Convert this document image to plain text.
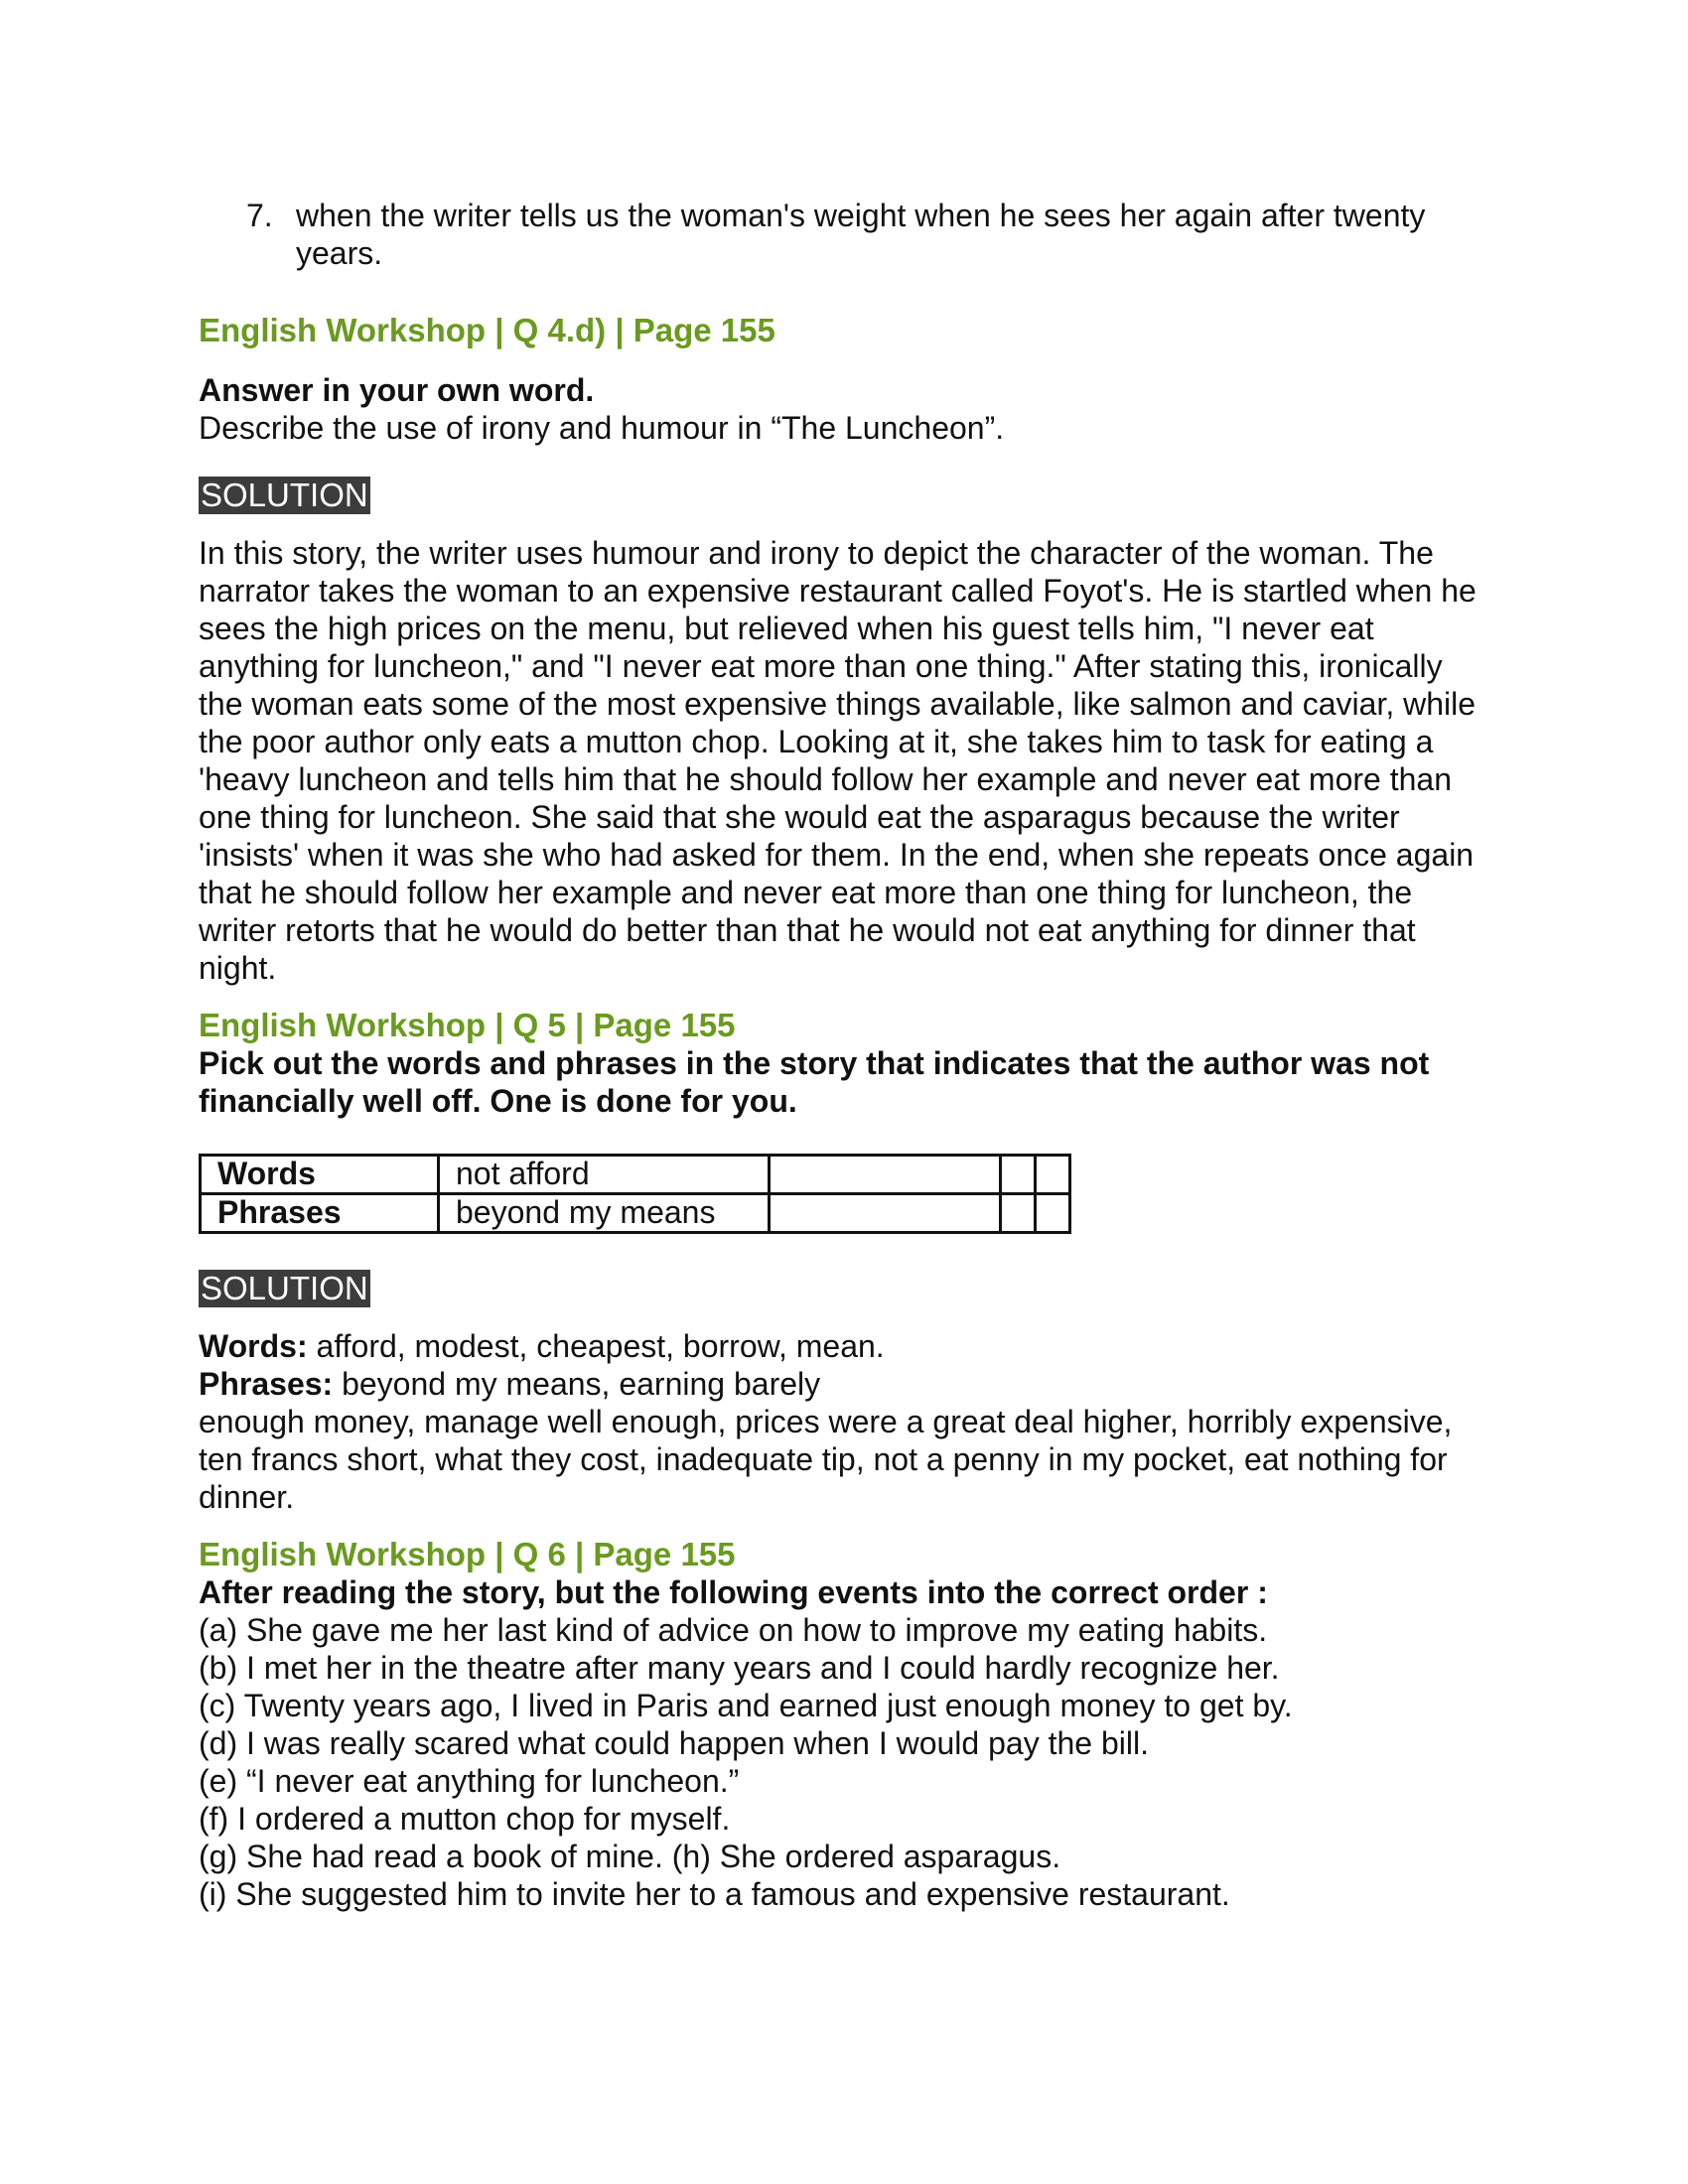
7. when the writer tells us the woman's weight when he sees her again after twenty years.

English Workshop | Q 4.d) | Page 155

Answer in your own word.

Describe the use of irony and humour in “The Luncheon”.

SOLUTION

In this story, the writer uses humour and irony to depict the character of the woman. The narrator takes the woman to an expensive restaurant called Foyot's. He is startled when he sees the high prices on the menu, but relieved when his guest tells him, "I never eat anything for luncheon," and "I never eat more than one thing." After stating this, ironically the woman eats some of the most expensive things available, like salmon and caviar, while the poor author only eats a mutton chop. Looking at it, she takes him to task for eating a 'heavy luncheon and tells him that he should follow her example and never eat more than one thing for luncheon. She said that she would eat the asparagus because the writer 'insists' when it was she who had asked for them. In the end, when she repeats once again that he should follow her example and never eat more than one thing for luncheon, the writer retorts that he would do better than that he would not eat anything for dinner that night.

English Workshop | Q 5 | Page 155

Pick out the words and phrases in the story that indicates that the author was not financially well off. One is done for you.

Words	not afford			
Phrases	beyond my means			
SOLUTION

Words: afford, modest, cheapest, borrow, mean.

Phrases: beyond my means, earning barely

enough money, manage well enough, prices were a great deal higher, horribly expensive, ten francs short, what they cost, inadequate tip, not a penny in my pocket, eat nothing for dinner.

English Workshop | Q 6 | Page 155

After reading the story, but the following events into the correct order :

(a) She gave me her last kind of advice on how to improve my eating habits.

(b) I met her in the theatre after many years and I could hardly recognize her.

(c) Twenty years ago, I lived in Paris and earned just enough money to get by.

(d) I was really scared what could happen when I would pay the bill.

(e) “I never eat anything for luncheon.”

(f) I ordered a mutton chop for myself.

(g) She had read a book of mine. (h) She ordered asparagus.

(i) She suggested him to invite her to a famous and expensive restaurant.
